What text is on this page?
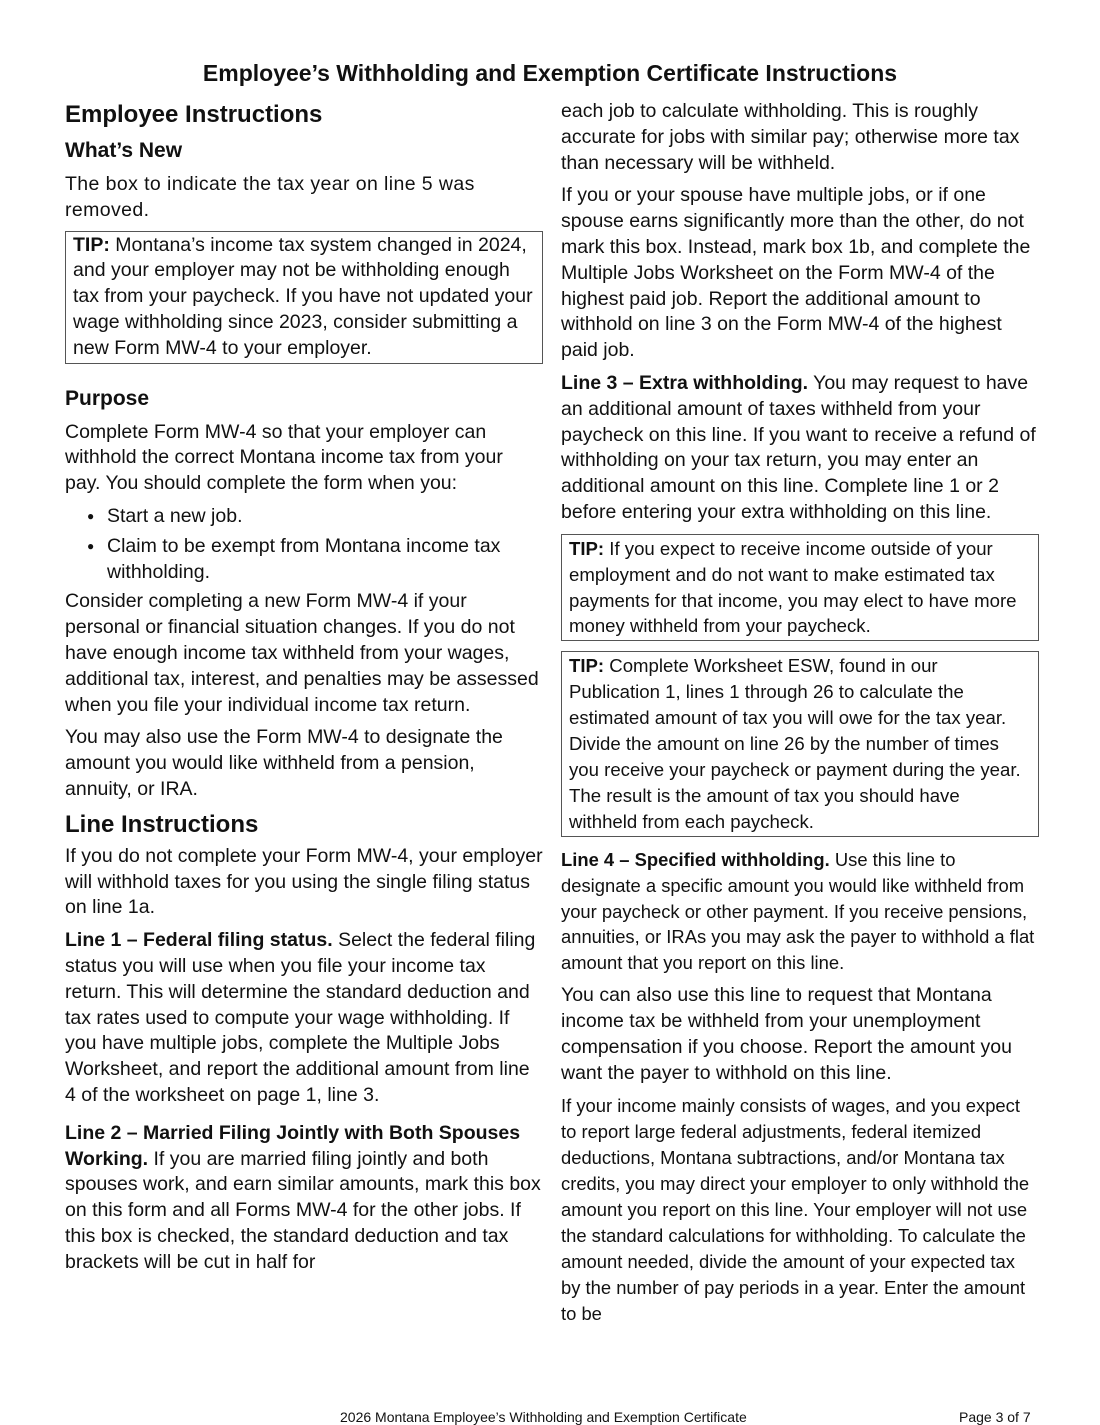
Employee’s Withholding and Exemption Certificate Instructions
Employee Instructions
What’s New

The box to indicate the tax year on line 5 was removed.

TIP: Montana’s income tax system changed in 2024, and your employer may not be withholding enough tax from your paycheck. If you have not updated your wage withholding since 2023, consider submitting a new Form MW-4 to your employer.

Purpose

Complete Form MW-4 so that your employer can withhold the correct Montana income tax from your pay. You should complete the form when you:

● Start a new job.
● Claim to be exempt from Montana income tax withholding.

Consider completing a new Form MW-4 if your personal or financial situation changes. If you do not have enough income tax withheld from your wages, additional tax, interest, and penalties may be assessed when you file your individual income tax return.

You may also use the Form MW-4 to designate the amount you would like withheld from a pension, annuity, or IRA.

Line Instructions

If you do not complete your Form MW-4, your employer will withhold taxes for you using the single filing status on line 1a.

Line 1 – Federal filing status. Select the federal filing status you will use when you file your income tax return. This will determine the standard deduction and tax rates used to compute your wage withholding. If you have multiple jobs, complete the Multiple Jobs Worksheet, and report the additional amount from line 4 of the worksheet on page 1, line 3.

Line 2 – Married Filing Jointly with Both Spouses Working. If you are married filing jointly and both spouses work, and earn similar amounts, mark this box on this form and all Forms MW-4 for the other jobs. If this box is checked, the standard deduction and tax brackets will be cut in half for

each job to calculate withholding. This is roughly accurate for jobs with similar pay; otherwise more tax than necessary will be withheld.

If you or your spouse have multiple jobs, or if one spouse earns significantly more than the other, do not mark this box. Instead, mark box 1b, and complete the Multiple Jobs Worksheet on the Form MW-4 of the highest paid job. Report the additional amount to withhold on line 3 on the Form MW-4 of the highest paid job.

Line 3 – Extra withholding. You may request to have an additional amount of taxes withheld from your paycheck on this line. If you want to receive a refund of withholding on your tax return, you may enter an additional amount on this line. Complete line 1 or 2 before entering your extra withholding on this line.

TIP: If you expect to receive income outside of your employment and do not want to make estimated tax payments for that income, you may elect to have more money withheld from your paycheck.

TIP: Complete Worksheet ESW, found in our Publication 1, lines 1 through 26 to calculate the estimated amount of tax you will owe for the tax year. Divide the amount on line 26 by the number of times you receive your paycheck or payment during the year. The result is the amount of tax you should have withheld from each paycheck.

Line 4 – Specified withholding. Use this line to designate a specific amount you would like withheld from your paycheck or other payment. If you receive pensions, annuities, or IRAs you may ask the payer to withhold a flat amount that you report on this line.

You can also use this line to request that Montana income tax be withheld from your unemployment compensation if you choose. Report the amount you want the payer to withhold on this line.

If your income mainly consists of wages, and you expect to report large federal adjustments, federal itemized deductions, Montana subtractions, and/or Montana tax credits, you may direct your employer to only withhold the amount you report on this line. Your employer will not use the standard calculations for withholding. To calculate the amount needed, divide the amount of your expected tax by the number of pay periods in a year. Enter the amount to be

2026 Montana Employee’s Withholding and Exemption Certificate	Page 3 of 7
